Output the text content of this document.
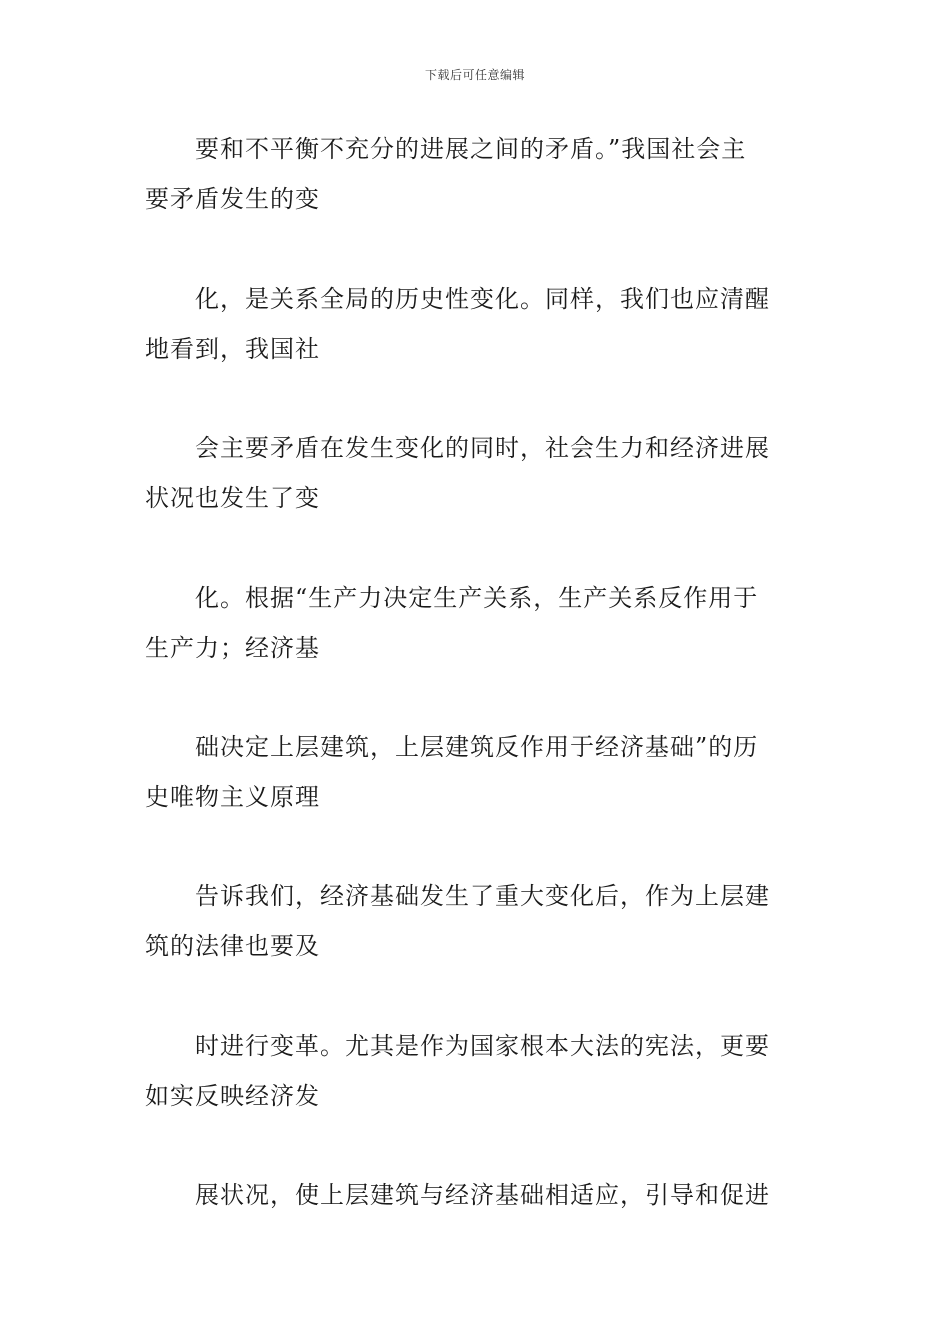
下载后可任意编辑
要和不平衡不充分的进展之间的矛盾。”我国社会主
要矛盾发生的变
化，是关系全局的历史性变化。同样，我们也应清醒
地看到，我国社
会主要矛盾在发生变化的同时，社会生力和经济进展
状况也发生了变
化。根据“生产力决定生产关系，生产关系反作用于
生产力；经济基
础决定上层建筑，上层建筑反作用于经济基础”的历
史唯物主义原理
告诉我们，经济基础发生了重大变化后，作为上层建
筑的法律也要及
时进行变革。尤其是作为国家根本大法的宪法，更要
如实反映经济发
展状况，使上层建筑与经济基础相适应，引导和促进
